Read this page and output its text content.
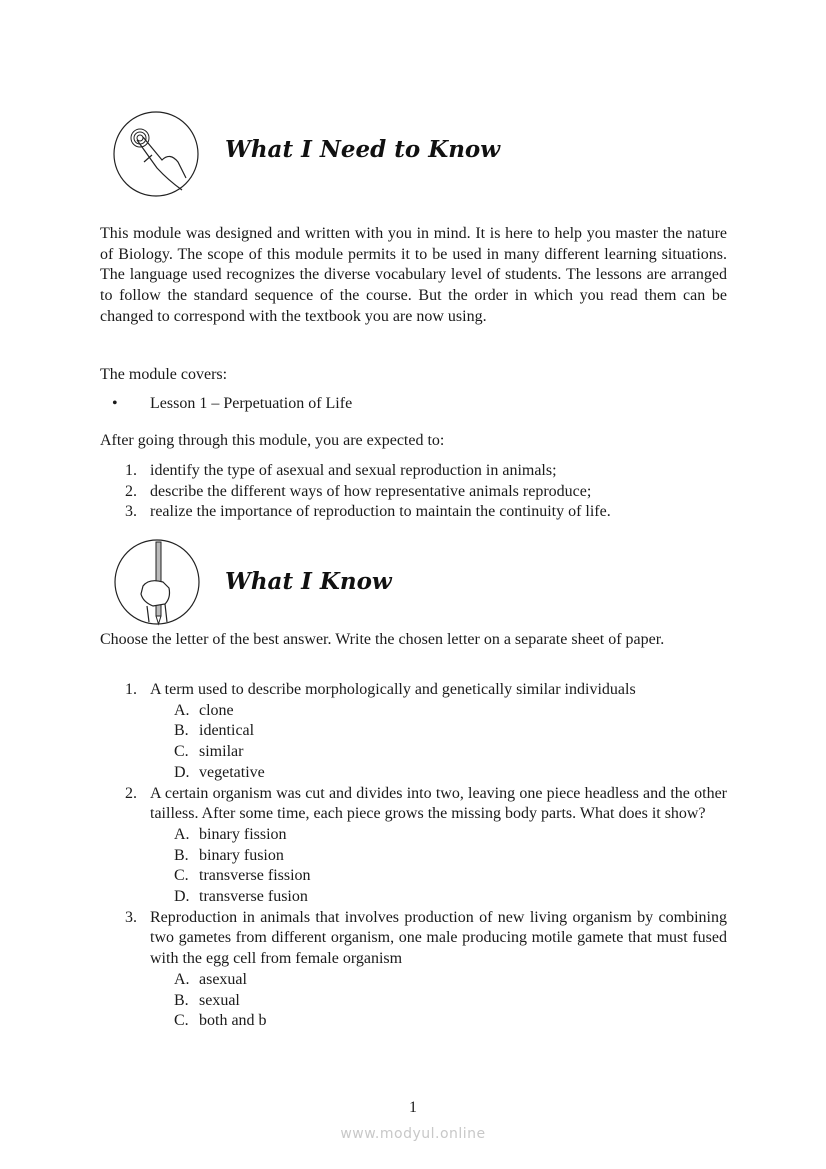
What I Need to Know
This module was designed and written with you in mind. It is here to help you master the nature of Biology. The scope of this module permits it to be used in many different learning situations. The language used recognizes the diverse vocabulary level of students. The lessons are arranged to follow the standard sequence of the course. But the order in which you read them can be changed to correspond with the textbook you are now using.
The module covers:
•	Lesson 1 – Perpetuation of Life
After going through this module, you are expected to:
1. identify the type of asexual and sexual reproduction in animals;
2. describe the different ways of how representative animals reproduce;
3. realize the importance of reproduction to maintain the continuity of life.
What I Know
Choose the letter of the best answer. Write the chosen letter on a separate sheet of paper.
1. A term used to describe morphologically and genetically similar individuals
A. clone
B. identical
C. similar
D. vegetative
2. A certain organism was cut and divides into two, leaving one piece headless and the other tailless. After some time, each piece grows the missing body parts. What does it show?
A. binary fission
B. binary fusion
C. transverse fission
D. transverse fusion
3. Reproduction in animals that involves production of new living organism by combining two gametes from different organism, one male producing motile gamete that must fused with the egg cell from female organism
A. asexual
B. sexual
C. both and b
1
www.modyul.online
